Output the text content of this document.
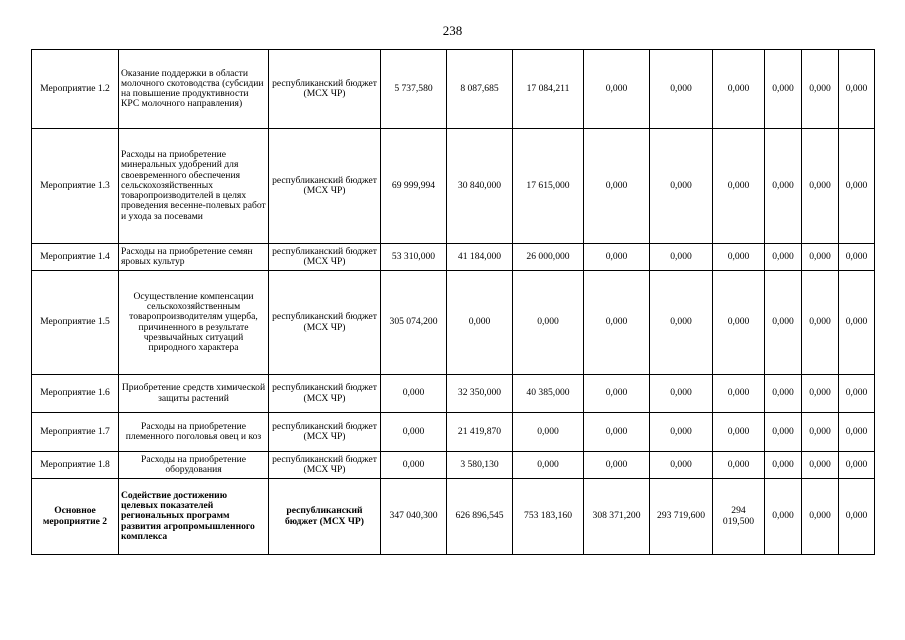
238
Мероприятие 1.2	Оказание поддержки в области молочного скотоводства (субсидии на повышение продуктивности КРС молочного направления)	республиканский бюджет (МСХ ЧР)	5 737,580	8 087,685	17 084,211	0,000	0,000	0,000	0,000	0,000	0,000
Мероприятие 1.3	Расходы на приобретение минеральных удобрений для своевременного обеспечения сельскохозяйственных товаропроизводителей в целях проведения весенне-полевых работ и ухода за посевами	республиканский бюджет (МСХ ЧР)	69 999,994	30 840,000	17 615,000	0,000	0,000	0,000	0,000	0,000	0,000
Мероприятие 1.4	Расходы на приобретение семян яровых культур	республиканский бюджет (МСХ ЧР)	53 310,000	41 184,000	26 000,000	0,000	0,000	0,000	0,000	0,000	0,000
Мероприятие 1.5	Осуществление компенсации сельскохозяйственным товаропроизводителям ущерба, причиненного в результате чрезвычайных ситуаций природного характера	республиканский бюджет (МСХ ЧР)	305 074,200	0,000	0,000	0,000	0,000	0,000	0,000	0,000	0,000
Мероприятие 1.6	Приобретение средств химической защиты растений	республиканский бюджет (МСХ ЧР)	0,000	32 350,000	40 385,000	0,000	0,000	0,000	0,000	0,000	0,000
Мероприятие 1.7	Расходы на приобретение племенного поголовья овец и коз	республиканский бюджет (МСХ ЧР)	0,000	21 419,870	0,000	0,000	0,000	0,000	0,000	0,000	0,000
Мероприятие 1.8	Расходы на приобретение оборудования	республиканский бюджет (МСХ ЧР)	0,000	3 580,130	0,000	0,000	0,000	0,000	0,000	0,000	0,000
Основное мероприятие 2	Содействие достижению целевых показателей региональных программ развития агропромышленного комплекса	республиканский бюджет (МСХ ЧР)	347 040,300	626 896,545	753 183,160	308 371,200	293 719,600	294 019,500	0,000	0,000	0,000
